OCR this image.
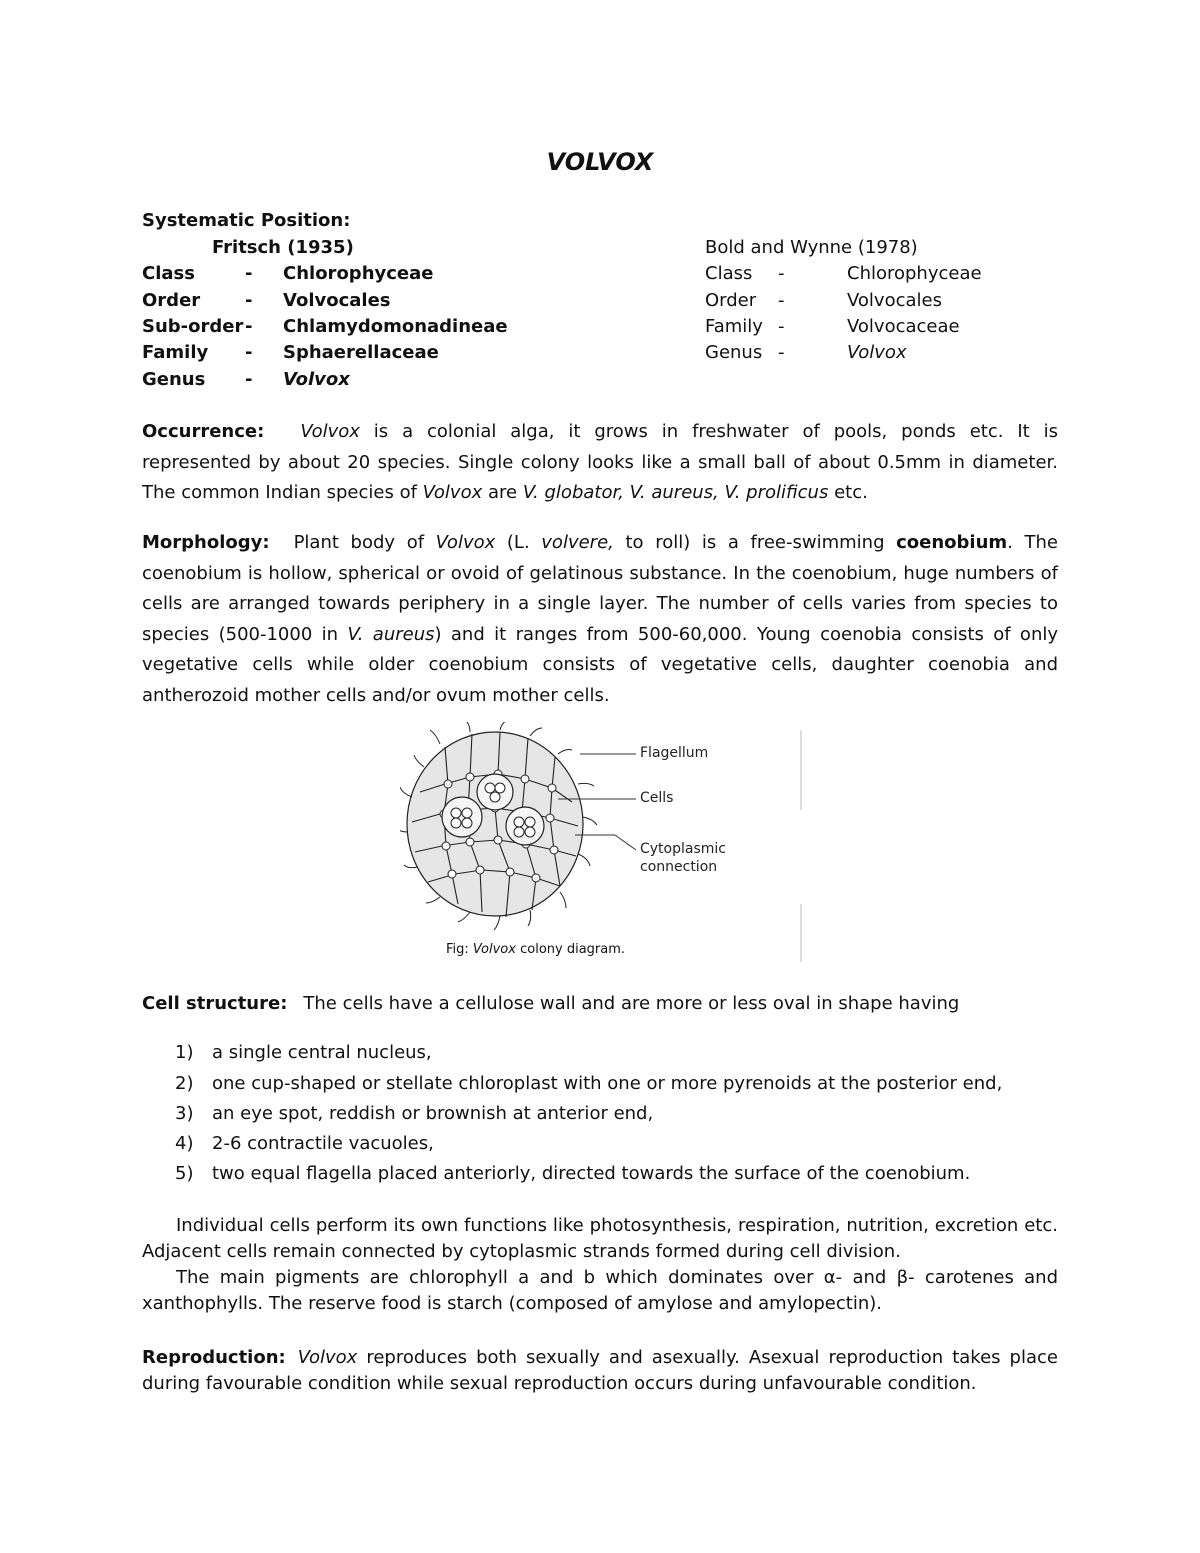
VOLVOX
Systematic Position:
Fritsch (1935)	Bold and Wynne (1978)
Class	- Chlorophyceae
Order - Volvocales
Sub-order - Chlamydomonadineae
Family - Sphaerellaceae
Genus - Volvox
Class -	Chlorophyceae
Order -	Volvocales
Family -	Volvocaceae
Genus -	Volvox
Occurrence: Volvox is a colonial alga, it grows in freshwater of pools, ponds etc. It is represented by about 20 species. Single colony looks like a small ball of about 0.5mm in diameter. The common Indian species of Volvox are V. globator, V. aureus, V. prolificus etc.
Morphology: Plant body of Volvox (L. volvere, to roll) is a free-swimming coenobium. The coenobium is hollow, spherical or ovoid of gelatinous substance. In the coenobium, huge numbers of cells are arranged towards periphery in a single layer. The number of cells varies from species to species (500-1000 in V. aureus) and it ranges from 500-60,000. Young coenobia consists of only vegetative cells while older coenobium consists of vegetative cells, daughter coenobia and antherozoid mother cells and/or ovum mother cells.
Flagellum
Cells
Cytoplasmic
connection
Fig: Volvox colony diagram.
Cell structure: The cells have a cellulose wall and are more or less oval in shape having
1) a single central nucleus,
2) one cup-shaped or stellate chloroplast with one or more pyrenoids at the posterior end,
3) an eye spot, reddish or brownish at anterior end,
4) 2-6 contractile vacuoles,
5) two equal flagella placed anteriorly, directed towards the surface of the coenobium.
Individual cells perform its own functions like photosynthesis, respiration, nutrition, excretion etc. Adjacent cells remain connected by cytoplasmic strands formed during cell division.
The main pigments are chlorophyll a and b which dominates over α- and β- carotenes and xanthophylls. The reserve food is starch (composed of amylose and amylopectin).
Reproduction: Volvox reproduces both sexually and asexually. Asexual reproduction takes place during favourable condition while sexual reproduction occurs during unfavourable condition.
